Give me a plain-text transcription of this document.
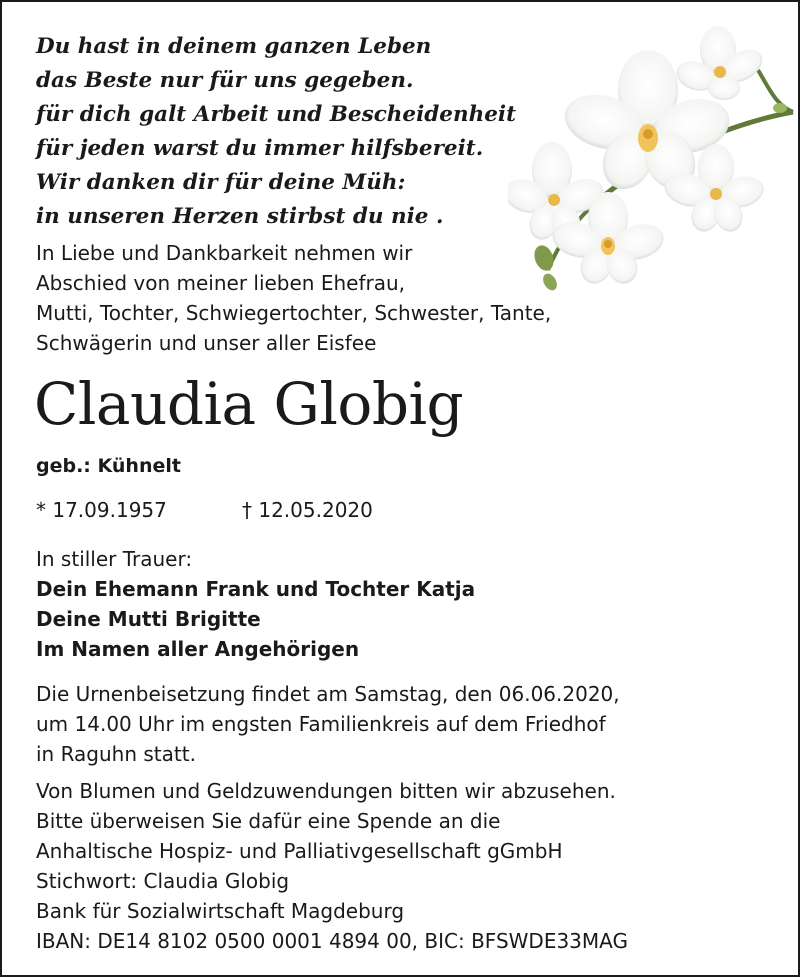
Du hast in deinem ganzen Leben
das Beste nur für uns gegeben.
für dich galt Arbeit und Bescheidenheit
für jeden warst du immer hilfsbereit.
Wir danken dir für deine Müh:
in unseren Herzen stirbst du nie .
In Liebe und Dankbarkeit nehmen wir
Abschied von meiner lieben Ehefrau,
Mutti, Tochter, Schwiegertochter, Schwester, Tante,
Schwägerin und unser aller Eisfee
Claudia Globig
geb.: Kühnelt
* 17.09.1957	† 12.05.2020
In stiller Trauer:
Dein Ehemann Frank und Tochter Katja
Deine Mutti Brigitte
Im Namen aller Angehörigen
Die Urnenbeisetzung findet am Samstag, den 06.06.2020,
um 14.00 Uhr im engsten Familienkreis auf dem Friedhof
in Raguhn statt.
Von Blumen und Geldzuwendungen bitten wir abzusehen.
Bitte überweisen Sie dafür eine Spende an die
Anhaltische Hospiz- und Palliativgesellschaft gGmbH
Stichwort: Claudia Globig
Bank für Sozialwirtschaft Magdeburg
IBAN: DE14 8102 0500 0001 4894 00, BIC: BFSWDE33MAG
